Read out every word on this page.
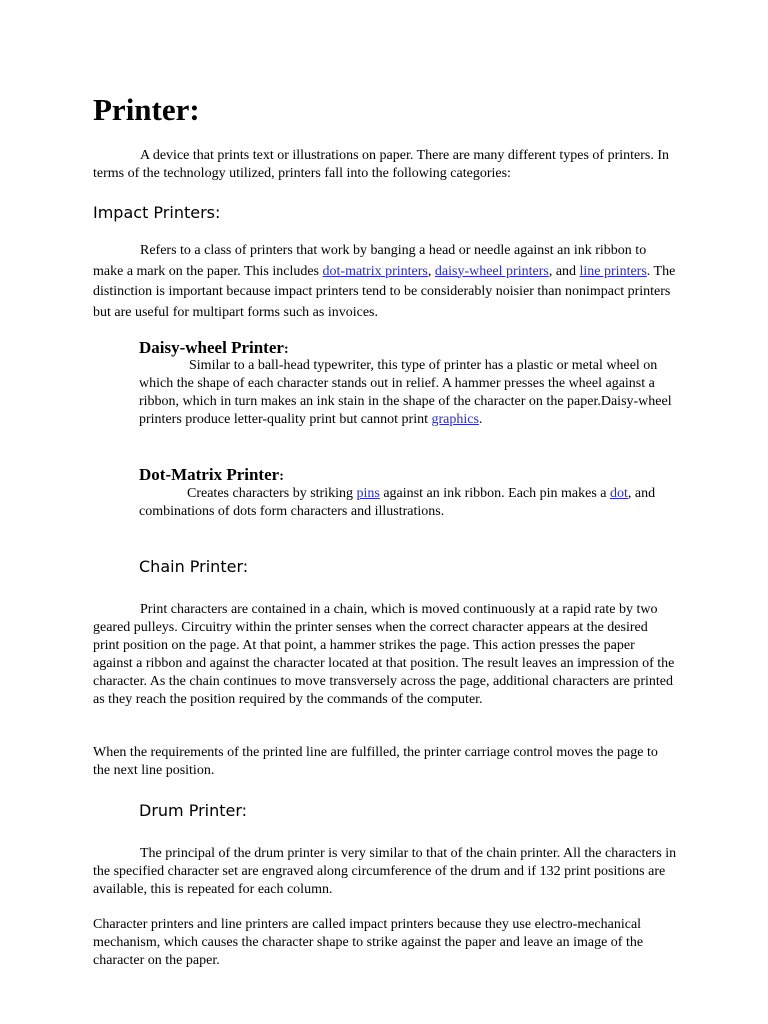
Printer:

A device that prints text or illustrations on paper. There are many different types of printers. In terms of the technology utilized, printers fall into the following categories:

Impact Printers:

Refers to a class of printers that work by banging a head or needle against an ink ribbon to make a mark on the paper. This includes dot-matrix printers, daisy-wheel printers, and line printers. The distinction is important because impact printers tend to be considerably noisier than nonimpact printers but are useful for multipart forms such as invoices.

Daisy-wheel Printer:

Similar to a ball-head typewriter, this type of printer has a plastic or metal wheel on which the shape of each character stands out in relief. A hammer presses the wheel against a ribbon, which in turn makes an ink stain in the shape of the character on the paper.Daisy-wheel printers produce letter-quality print but cannot print graphics.

Dot-Matrix Printer:

Creates characters by striking pins against an ink ribbon. Each pin makes a dot, and combinations of dots form characters and illustrations.

Chain Printer:

Print characters are contained in a chain, which is moved continuously at a rapid rate by two geared pulleys. Circuitry within the printer senses when the correct character appears at the desired print position on the page. At that point, a hammer strikes the page. This action presses the paper against a ribbon and against the character located at that position. The result leaves an impression of the character. As the chain continues to move transversely across the page, additional characters are printed as they reach the position required by the commands of the computer.

When the requirements of the printed line are fulfilled, the printer carriage control moves the page to the next line position.

Drum Printer:

The principal of the drum printer is very similar to that of the chain printer. All the characters in the specified character set are engraved along circumference of the drum and if 132 print positions are available, this is repeated for each column.

Character printers and line printers are called impact printers because they use electro-mechanical mechanism, which causes the character shape to strike against the paper and leave an image of the character on the paper.
